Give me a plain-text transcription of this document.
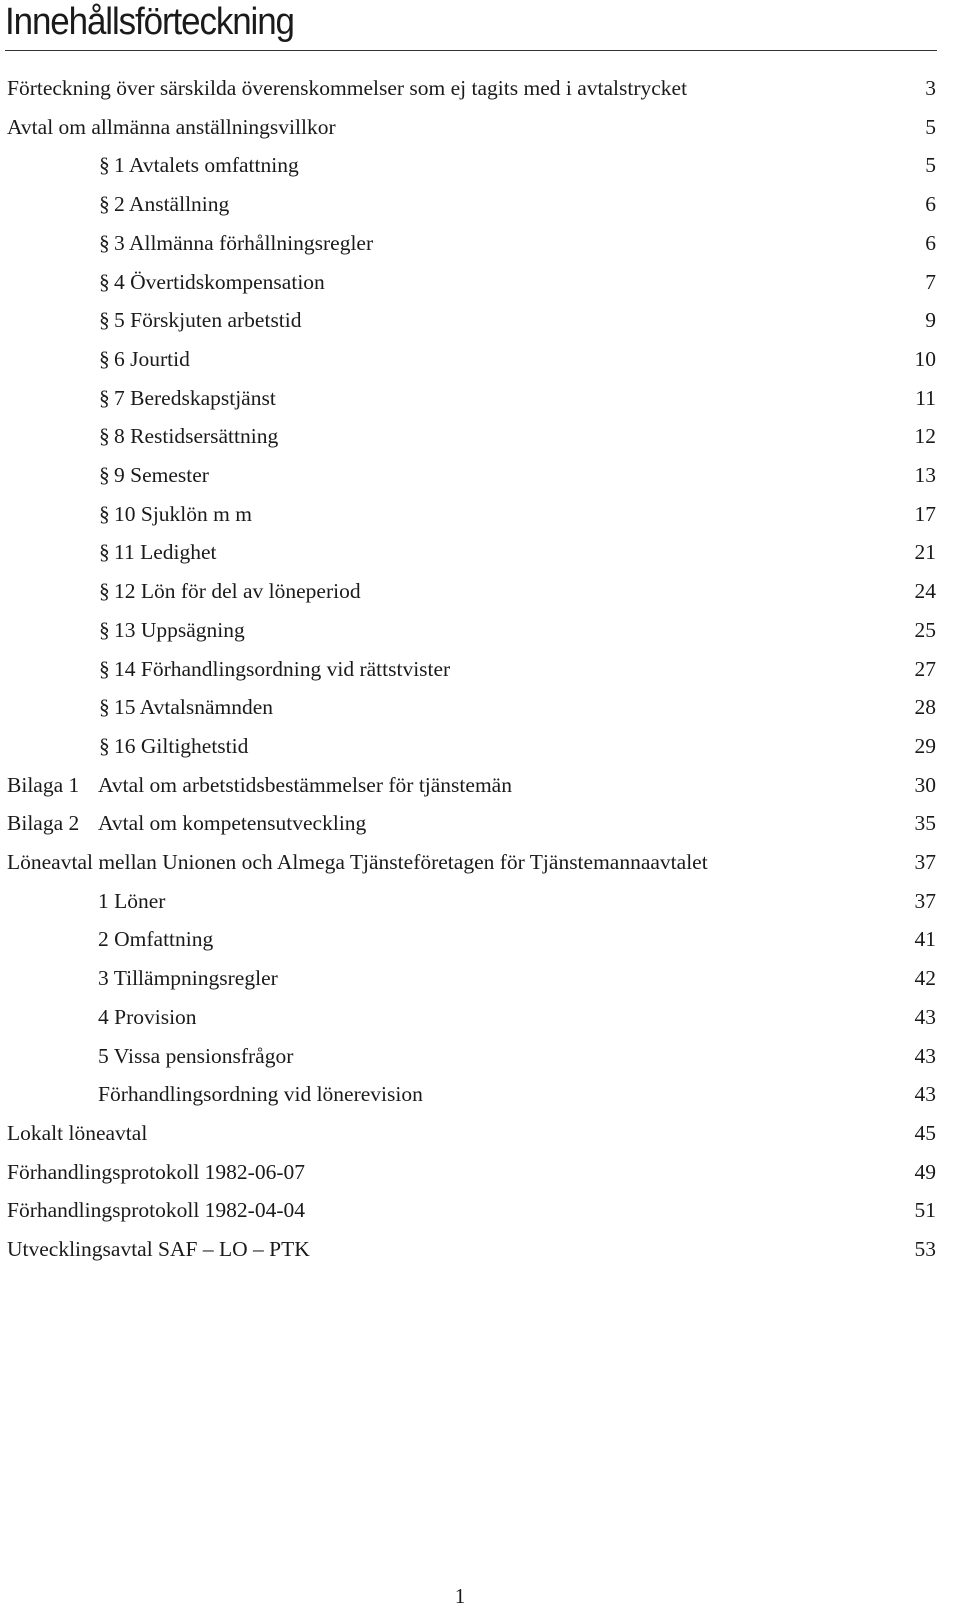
Innehållsförteckning
Förteckning över särskilda överenskommelser som ej tagits med i avtalstrycket	3
Avtal om allmänna anställningsvillkor	5
§ 1 Avtalets omfattning	5
§ 2 Anställning	6
§ 3 Allmänna förhållningsregler	6
§ 4 Övertidskompensation	7
§ 5 Förskjuten arbetstid	9
§ 6 Jourtid	10
§ 7 Beredskapstjänst	11
§ 8 Restidsersättning	12
§ 9 Semester	13
§ 10 Sjuklön m m	17
§ 11 Ledighet	21
§ 12 Lön för del av löneperiod	24
§ 13 Uppsägning	25
§ 14 Förhandlingsordning vid rättstvister	27
§ 15 Avtalsnämnden	28
§ 16 Giltighetstid	29
Bilaga 1 Avtal om arbetstidsbestämmelser för tjänstemän	30
Bilaga 2 Avtal om kompetensutveckling	35
Löneavtal mellan Unionen och Almega Tjänsteföretagen för Tjänstemannaavtalet	37
1 Löner	37
2 Omfattning	41
3 Tillämpningsregler	42
4 Provision	43
5 Vissa pensionsfrågor	43
Förhandlingsordning vid lönerevision	43
Lokalt löneavtal	45
Förhandlingsprotokoll 1982-06-07	49
Förhandlingsprotokoll 1982-04-04	51
Utvecklingsavtal SAF – LO – PTK	53
1
